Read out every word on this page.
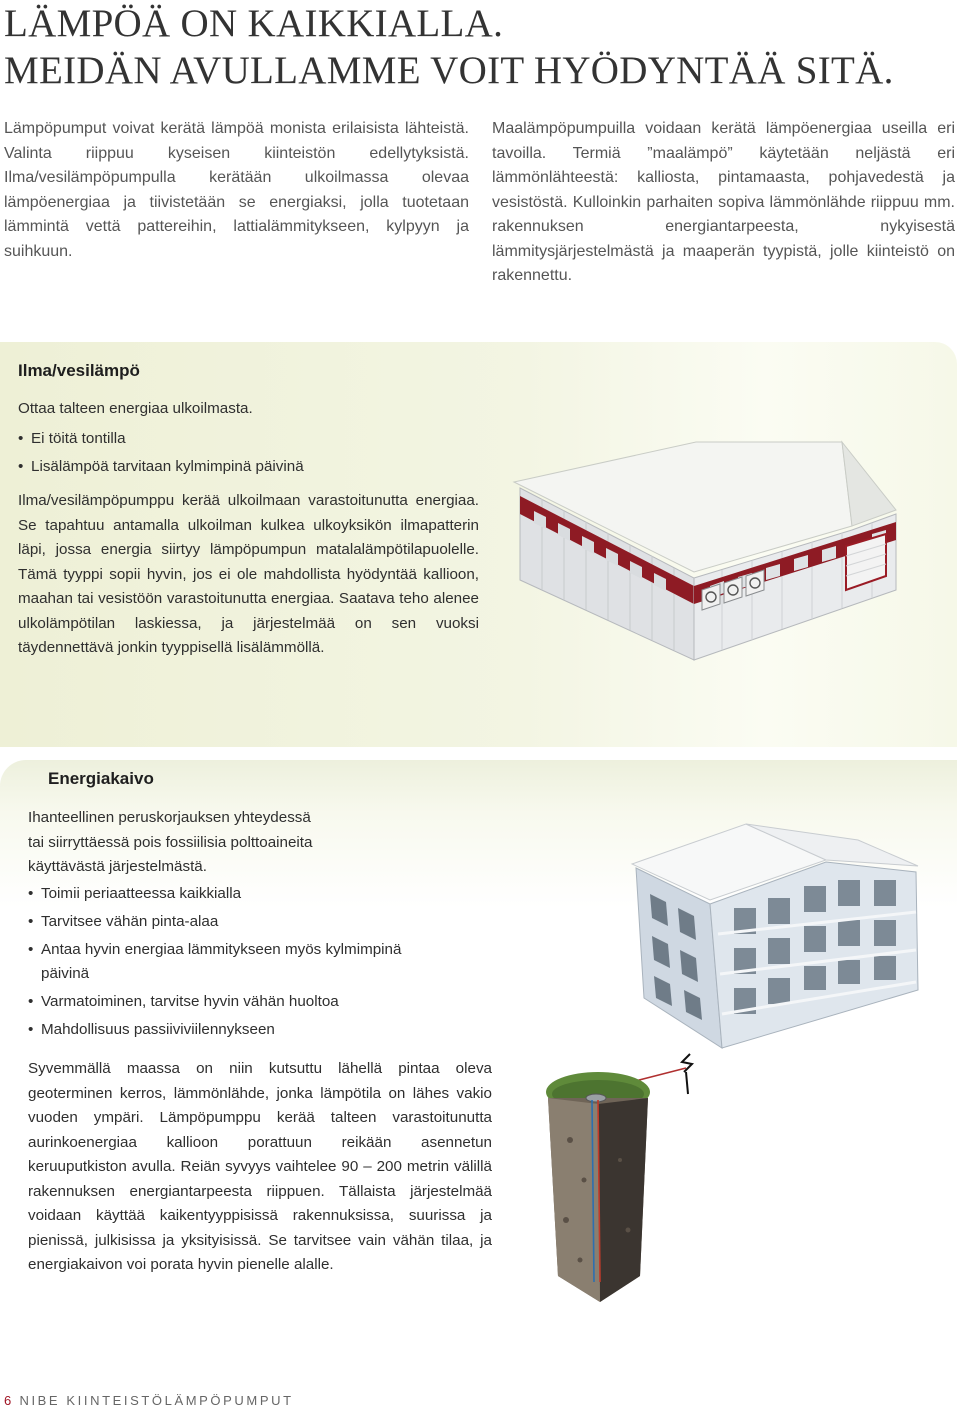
LÄMPÖÄ ON KAIKKIALLA.
MEIDÄN AVULLAMME VOIT HYÖDYNTÄÄ SITÄ.

Lämpöpumput voivat kerätä lämpöä monista erilaisista lähteistä. Valinta riippuu kyseisen kiinteistön edellytyksistä. Ilma/vesilämpöpumpulla kerätään ulkoilmassa olevaa lämpöenergiaa ja tiivistetään se energiaksi, jolla tuotetaan lämmintä vettä pattereihin, lattialämmitykseen, kylpyyn ja suihkuun.

Maalämpöpumpuilla voidaan kerätä lämpöenergiaa useilla eri tavoilla. Termiä ”maalämpö” käytetään neljästä eri lämmönlähteestä: kalliosta, pintamaasta, pohjavedestä ja vesistöstä. Kulloinkin parhaiten sopiva lämmönlähde riippuu mm. rakennuksen energiantarpeesta, nykyisestä lämmitysjärjestelmästä ja maaperän tyypistä, jolle kiinteistö on rakennettu.

Ilma/vesilämpö

Ottaa talteen energiaa ulkoilmasta.

• Ei töitä tontilla
• Lisälämpöä tarvitaan kylmimpinä päivinä

Ilma/vesilämpöpumppu kerää ulkoilmaan varastoitunutta energiaa. Se tapahtuu antamalla ulkoilman kulkea ulkoyksikön ilmapatterin läpi, jossa energia siirtyy lämpöpumpun matalalämpötilapuolelle. Tämä tyyppi sopii hyvin, jos ei ole mahdollista hyödyntää kallioon, maahan tai vesistöön varastoitunutta energiaa. Saatava teho alenee ulkolämpötilan laskiessa, ja järjestelmää on sen vuoksi täydennettävä jonkin tyyppisellä lisälämmöllä.

Energiakaivo
Ihanteellinen peruskorjauksen yhteydessä
tai siirryttäessä pois fossiilisia polttoaineita
käyttävästä järjestelmästä.
• Toimii periaatteessa kaikkialla
• Tarvitsee vähän pinta-alaa
• Antaa hyvin energiaa lämmitykseen myös kylmimpinä päivinä
• Varmatoiminen, tarvitse hyvin vähän huoltoa
• Mahdollisuus passiiviviilennykseen

Syvemmällä maassa on niin kutsuttu lähellä pintaa oleva geoterminen kerros, lämmönlähde, jonka lämpötila on lähes vakio vuoden ympäri. Lämpöpumppu kerää talteen varastoitunutta aurinkoenergiaa kallioon porattuun reikään asennetun keruuputkiston avulla. Reiän syvyys vaihtelee 90 – 200 metrin välillä rakennuksen energiantarpeesta riippuen. Tällaista järjestelmää voidaan käyttää kaikentyyppisissä rakennuksissa, suurissa ja pienissä, julkisissa ja yksityisissä. Se tarvitsee vain vähän tilaa, ja energiakaivon voi porata hyvin pienelle alalle.

6 NIBE KIINTEISTÖLÄMPÖPUMPUT
